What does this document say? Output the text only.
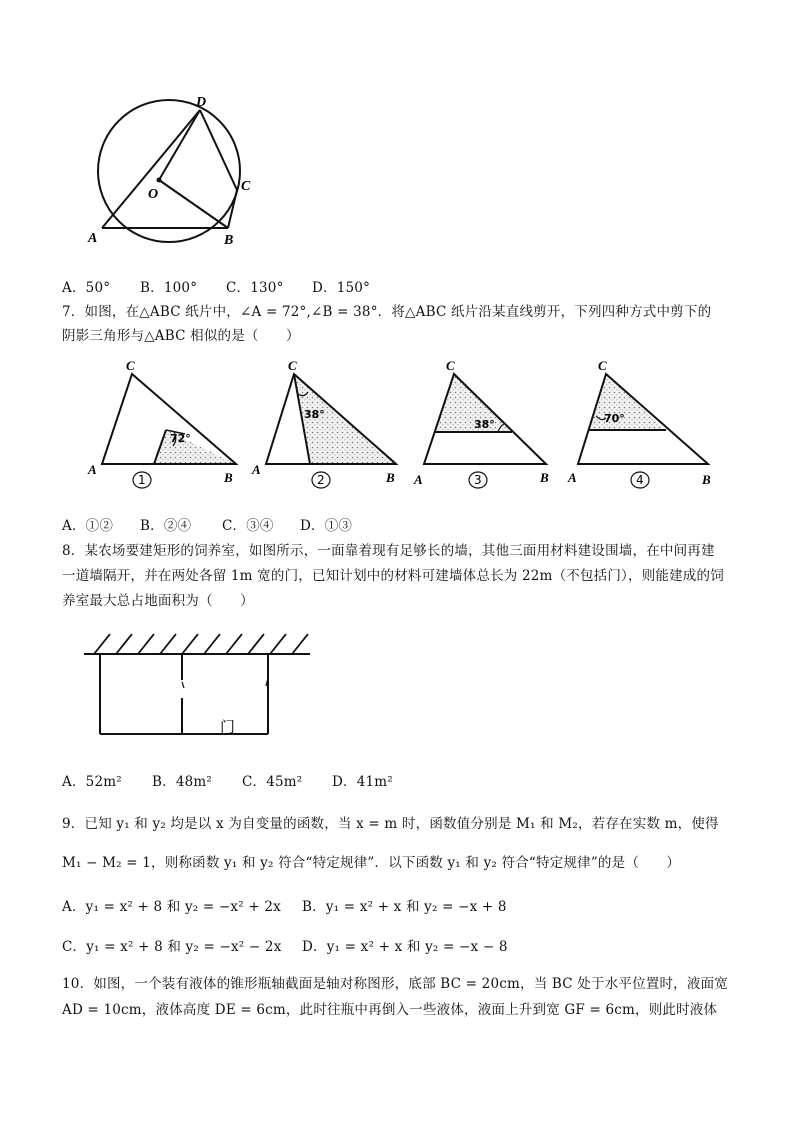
D
O
C
A	B
A．50° B．100° C．130° D．150°
7．如图，在△ABC 纸片中，∠A = 72°,∠B = 38°．将△ABC 纸片沿某直线剪开，下列四种方式中剪下的
阴影三角形与△ABC 相似的是（　　）
72°
C
A
B
1
38°
C
A
B
2
38°
C
A	B
3
70°
C
A	B
4
A．①② B．②④ C．③④ D．①③
8．某农场要建矩形的饲养室，如图所示，一面靠着现有足够长的墙，其他三面用材料建设围墙，在中间再建
一道墙隔开，并在两处各留 1m 宽的门，已知计划中的材料可建墙体总长为 22m（不包括门），则能建成的饲
养室最大总占地面积为（　　）
门
A．52m² B．48m² C．45m² D．41m²
9．已知 y₁ 和 y₂ 均是以 x 为自变量的函数，当 x = m 时，函数值分别是 M₁ 和 M₂，若存在实数 m，使得
M₁ − M₂ = 1，则称函数 y₁ 和 y₂ 符合“特定规律”．以下函数 y₁ 和 y₂ 符合“特定规律”的是（　　）
A．y₁ = x² + 8 和 y₂ = −x² + 2x B．y₁ = x² + x 和 y₂ = −x + 8
C．y₁ = x² + 8 和 y₂ = −x² − 2x D．y₁ = x² + x 和 y₂ = −x − 8
10．如图，一个装有液体的锥形瓶轴截面是轴对称图形，底部 BC = 20cm，当 BC 处于水平位置时，液面宽
AD = 10cm，液体高度 DE = 6cm，此时往瓶中再倒入一些液体，液面上升到宽 GF = 6cm，则此时液体
